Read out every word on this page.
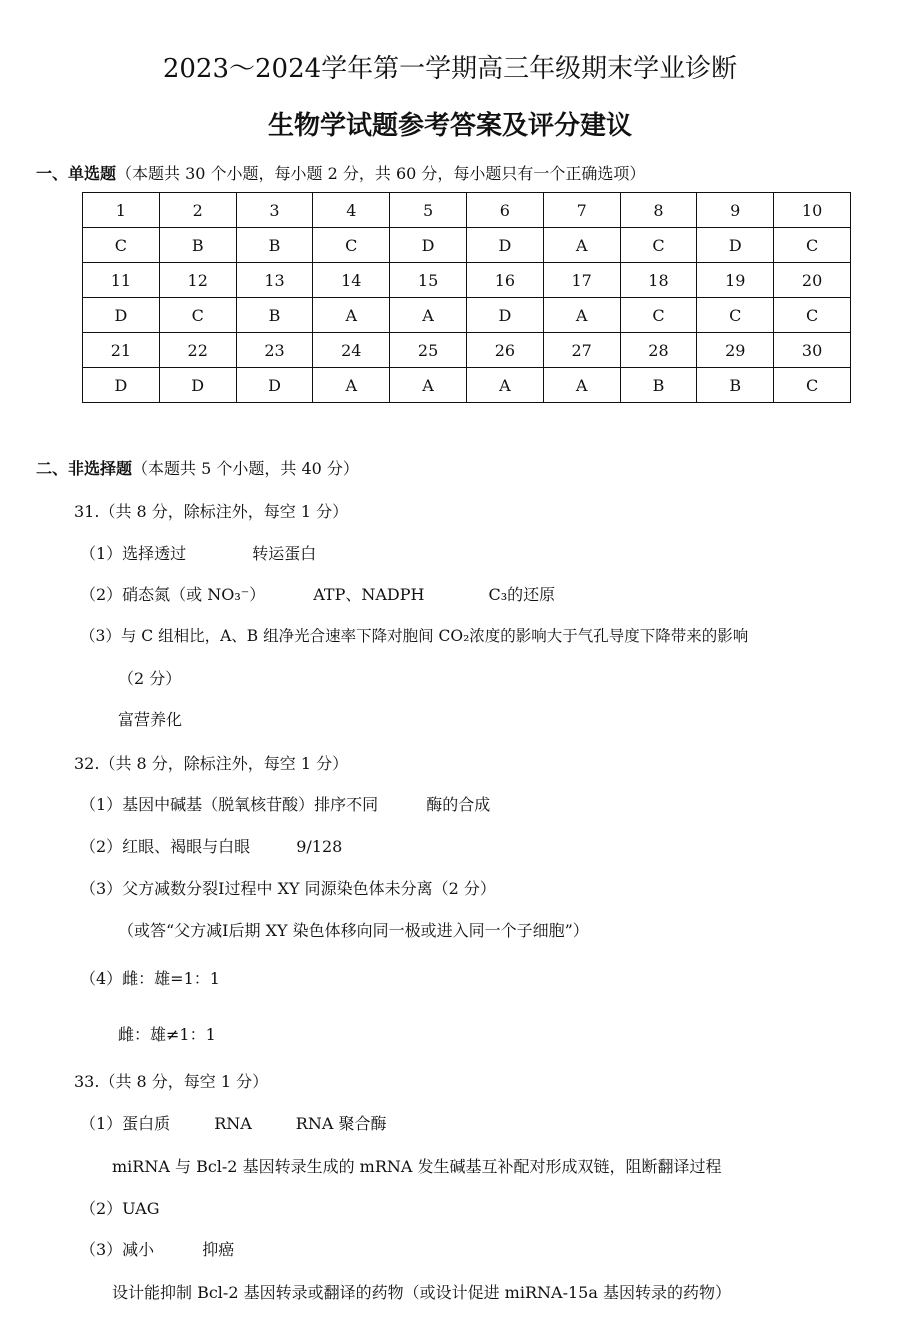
2023～2024学年第一学期高三年级期末学业诊断
生物学试题参考答案及评分建议
一、单选题（本题共 30 个小题，每小题 2 分，共 60 分，每小题只有一个正确选项）
1	2	3	4	5	6	7	8	9	10
C	B	B	C	D	D	A	C	D	C
11	12	13	14	15	16	17	18	19	20
D	C	B	A	A	D	A	C	C	C
21	22	23	24	25	26	27	28	29	30
D	D	D	A	A	A	A	B	B	C
二、非选择题（本题共 5 个小题，共 40 分）
31.（共 8 分，除标注外，每空 1 分）
（1）选择透过	转运蛋白
（2）硝态氮（或 NO₃⁻）	ATP、NADPH	C₃的还原
（3）与 C 组相比，A、B 组净光合速率下降对胞间 CO₂浓度的影响大于气孔导度下降带来的影响
（2 分）
富营养化
32.（共 8 分，除标注外，每空 1 分）
（1）基因中碱基（脱氧核苷酸）排序不同	酶的合成
（2）红眼、褐眼与白眼	9/128
（3）父方减数分裂Ⅰ过程中 XY 同源染色体未分离（2 分）
（或答“父方减Ⅰ后期 XY 染色体移向同一极或进入同一个子细胞”）
（4）雌：雄=1：1
雌：雄≠1：1
33.（共 8 分，每空 1 分）
（1）蛋白质	RNA	RNA 聚合酶
miRNA 与 Bcl-2 基因转录生成的 mRNA 发生碱基互补配对形成双链，阻断翻译过程
（2）UAG
（3）减小	抑癌
设计能抑制 Bcl-2 基因转录或翻译的药物（或设计促进 miRNA-15a 基因转录的药物）
